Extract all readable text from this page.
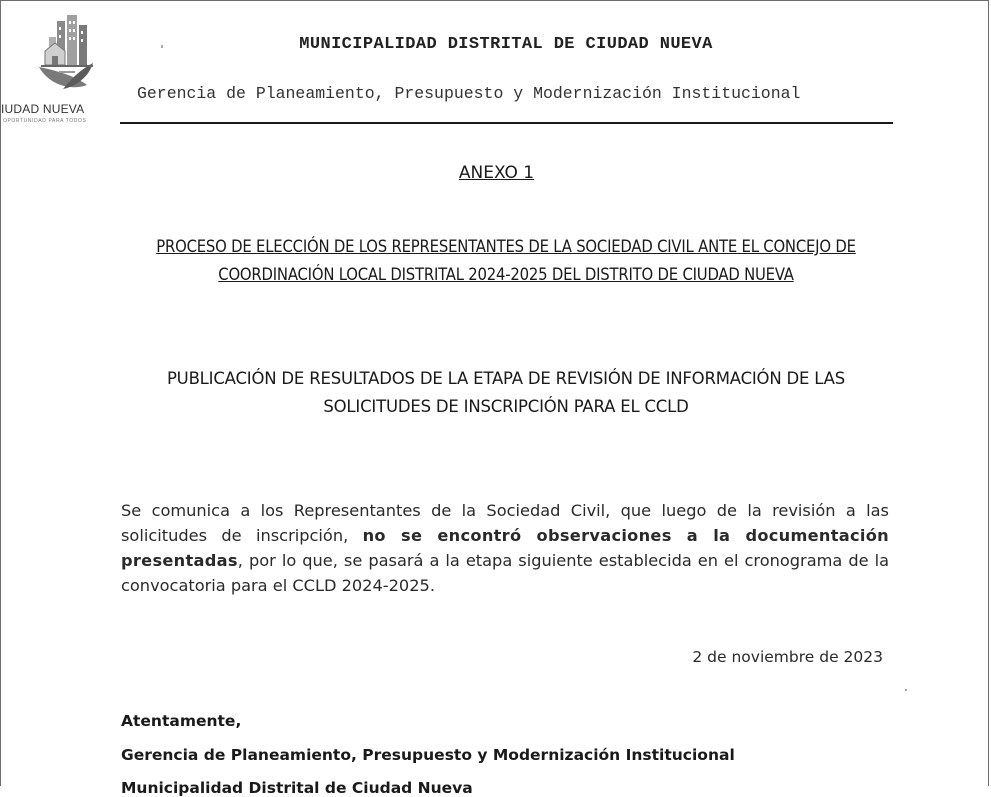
IUDAD NUEVA
OPORTUNIDAD PARA TODOS
MUNICIPALIDAD DISTRITAL DE CIUDAD NUEVA
Gerencia de Planeamiento, Presupuesto y Modernización Institucional
ANEXO 1
PROCESO DE ELECCIÓN DE LOS REPRESENTANTES DE LA SOCIEDAD CIVIL ANTE EL CONCEJO DE COORDINACIÓN LOCAL DISTRITAL 2024-2025 DEL DISTRITO DE CIUDAD NUEVA
PUBLICACIÓN DE RESULTADOS DE LA ETAPA DE REVISIÓN DE INFORMACIÓN DE LAS SOLICITUDES DE INSCRIPCIÓN PARA EL CCLD
Se comunica a los Representantes de la Sociedad Civil, que luego de la revisión a las solicitudes de inscripción, no se encontró observaciones a la documentación presentadas, por lo que, se pasará a la etapa siguiente establecida en el cronograma de la convocatoria para el CCLD 2024-2025.
2 de noviembre de 2023
Atentamente,
Gerencia de Planeamiento, Presupuesto y Modernización Institucional
Municipalidad Distrital de Ciudad Nueva
